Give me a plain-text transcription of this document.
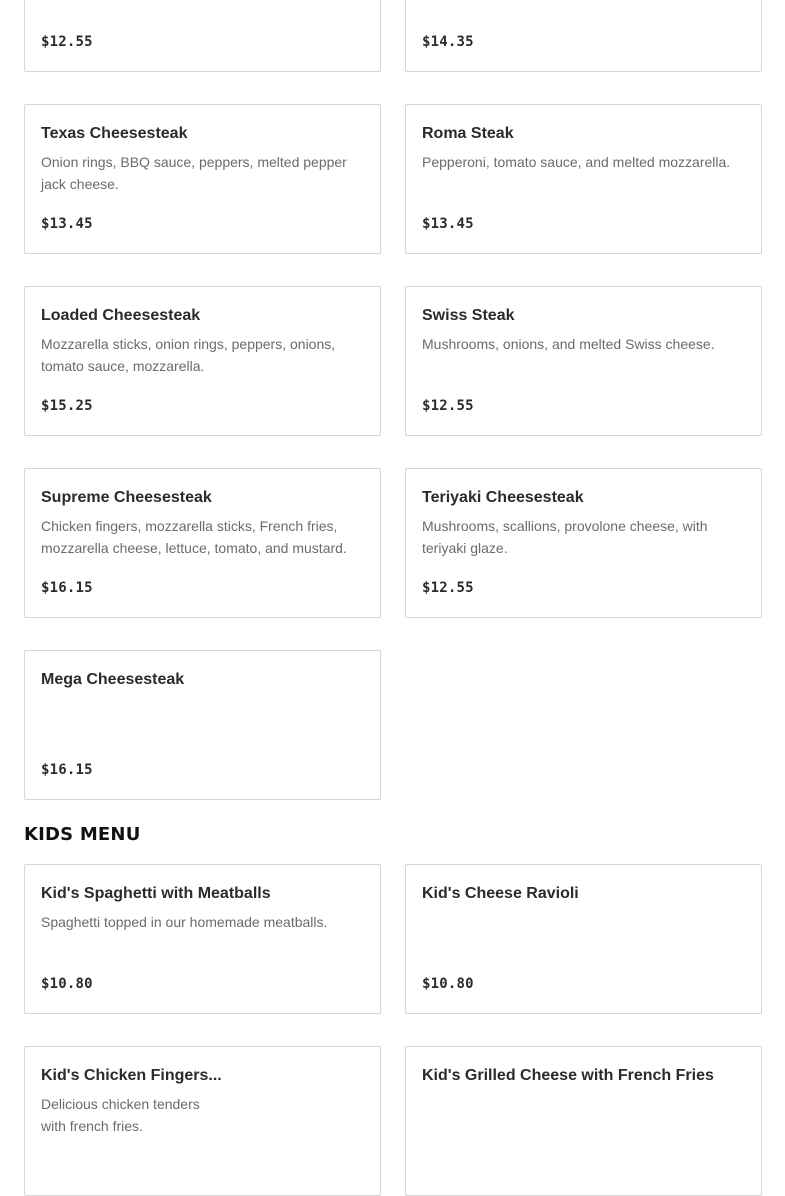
$12.55	$14.35
Texas Cheesesteak
Onion rings, BBQ sauce, peppers, melted pepper jack cheese.
$13.45
Roma Steak
Pepperoni, tomato sauce, and melted mozzarella.
$13.45
Loaded Cheesesteak
Mozzarella sticks, onion rings, peppers, onions, tomato sauce, mozzarella.
$15.25
Swiss Steak
Mushrooms, onions, and melted Swiss cheese.
$12.55
Supreme Cheesesteak
Chicken fingers, mozzarella sticks, French fries, mozzarella cheese, lettuce, tomato, and mustard.
$16.15
Teriyaki Cheesesteak
Mushrooms, scallions, provolone cheese, with teriyaki glaze.
$12.55
Mega Cheesesteak
$16.15
KIDS MENU
Kid's Spaghetti with Meatballs
Spaghetti topped in our homemade meatballs.
$10.80
Kid's Cheese Ravioli
$10.80
Kid's Chicken Fingers...
Delicious chicken tenders with french fries.
Kid's Grilled Cheese with French Fries
